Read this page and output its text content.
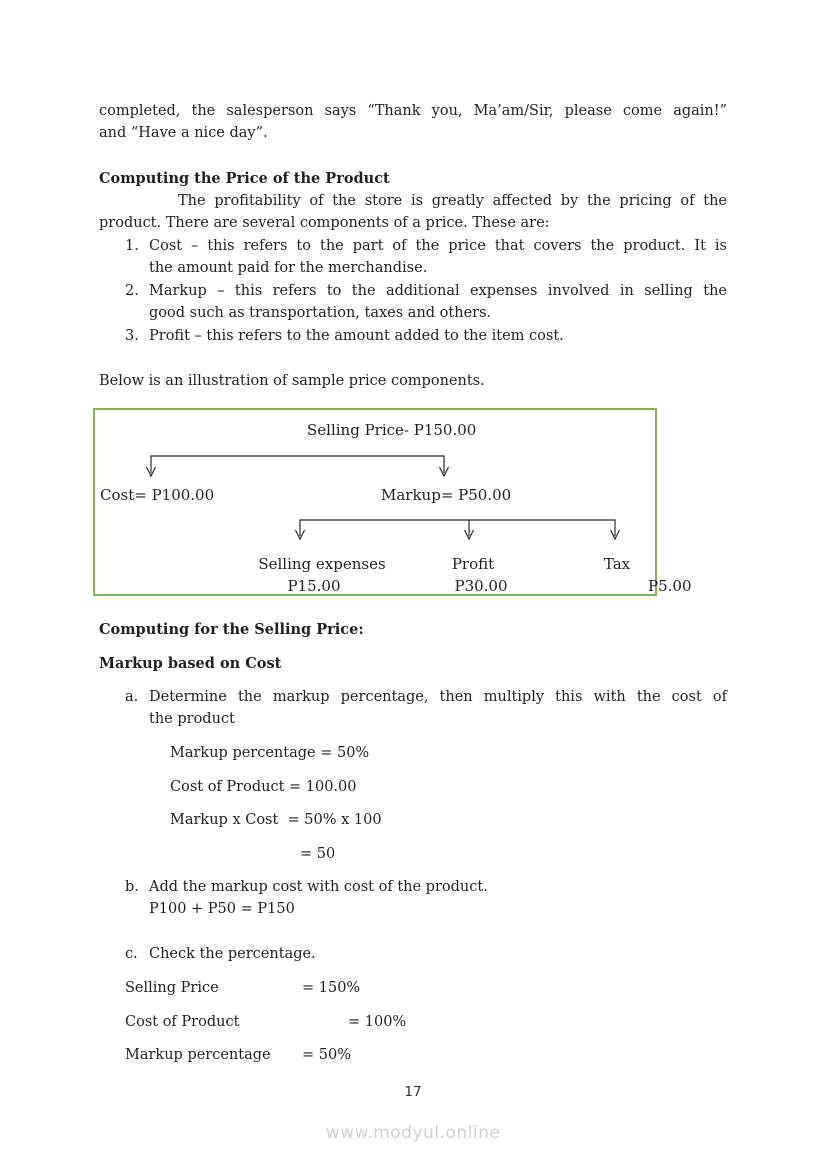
completed, the salesperson says “Thank you, Ma’am/Sir, please come again!”
and “Have a nice day”.
Computing the Price of the Product
The profitability of the store is greatly affected by the pricing of the
product. There are several components of a price. These are:
1. Cost – this refers to the part of the price that covers the product. It is
the amount paid for the merchandise.
2. Markup – this refers to the additional expenses involved in selling the
good such as transportation, taxes and others.
3. Profit – this refers to the amount added to the item cost.
Below is an illustration of sample price components.
Selling Price- P150.00
Cost= P100.00	Markup= P50.00
Selling expenses	Profit	Tax
P15.00	P30.00	P5.00
Computing for the Selling Price:
Markup based on Cost
a. Determine the markup percentage, then multiply this with the cost of
the product
Markup percentage = 50%
Cost of Product = 100.00
Markup x Cost  = 50% x 100
= 50
b. Add the markup cost with cost of the product.
P100 + P50 = P150
c. Check the percentage.
Selling Price	= 150%
Cost of Product	= 100%
Markup percentage = 50%
17
www.modyul.online
